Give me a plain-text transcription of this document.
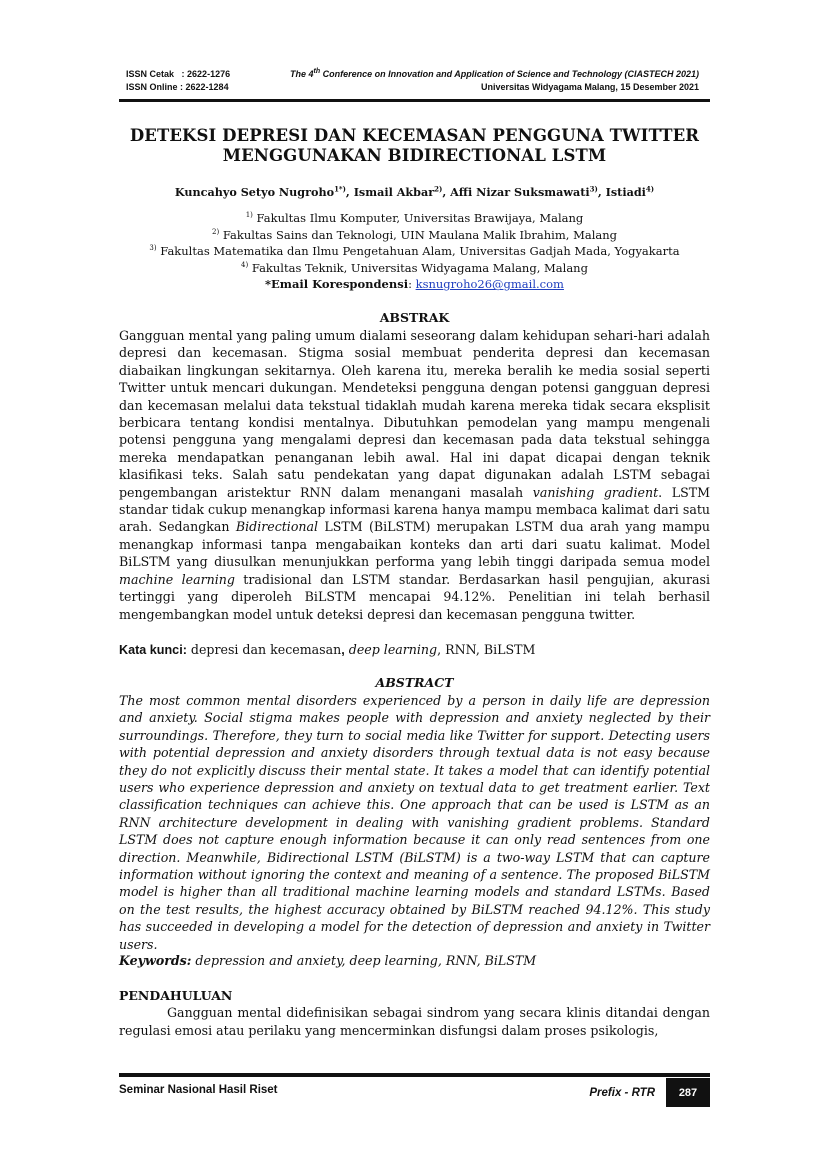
ISSN Cetak : 2622-1276
ISSN Online : 2622-1284
The 4th Conference on Innovation and Application of Science and Technology (CIASTECH 2021)
Universitas Widyagama Malang, 15 Desember 2021
DETEKSI DEPRESI DAN KECEMASAN PENGGUNA TWITTER
MENGGUNAKAN BIDIRECTIONAL LSTM
Kuncahyo Setyo Nugroho$^{1*)}$, Ismail Akbar$^{2)}$, Affi Nizar Suksmawati$^{3)}$, Istiadi$^{4)}$
$^{1)}$ Fakultas Ilmu Komputer, Universitas Brawijaya, Malang
$^{2)}$ Fakultas Sains dan Teknologi, UIN Maulana Malik Ibrahim, Malang
$^{3)}$ Fakultas Matematika dan Ilmu Pengetahuan Alam, Universitas Gadjah Mada, Yogyakarta
$^{4)}$ Fakultas Teknik, Universitas Widyagama Malang, Malang
*Email Korespondensi: ksnugroho26@gmail.com
ABSTRAK
Gangguan mental yang paling umum dialami seseorang dalam kehidupan sehari-hari adalah depresi dan kecemasan. Stigma sosial membuat penderita depresi dan kecemasan diabaikan lingkungan sekitarnya. Oleh karena itu, mereka beralih ke media sosial seperti Twitter untuk mencari dukungan. Mendeteksi pengguna dengan potensi gangguan depresi dan kecemasan melalui data tekstual tidaklah mudah karena mereka tidak secara eksplisit berbicara tentang kondisi mentalnya. Dibutuhkan pemodelan yang mampu mengenali potensi pengguna yang mengalami depresi dan kecemasan pada data tekstual sehingga mereka mendapatkan penanganan lebih awal. Hal ini dapat dicapai dengan teknik klasifikasi teks. Salah satu pendekatan yang dapat digunakan adalah LSTM sebagai pengembangan aristektur RNN dalam menangani masalah vanishing gradient. LSTM standar tidak cukup menangkap informasi karena hanya mampu membaca kalimat dari satu arah. Sedangkan Bidirectional LSTM (BiLSTM) merupakan LSTM dua arah yang mampu menangkap informasi tanpa mengabaikan konteks dan arti dari suatu kalimat. Model BiLSTM yang diusulkan menunjukkan performa yang lebih tinggi daripada semua model machine learning tradisional dan LSTM standar. Berdasarkan hasil pengujian, akurasi tertinggi yang diperoleh BiLSTM mencapai 94.12%. Penelitian ini telah berhasil mengembangkan model untuk deteksi depresi dan kecemasan pengguna twitter.
Kata kunci: depresi dan kecemasan, deep learning, RNN, BiLSTM
ABSTRACT
The most common mental disorders experienced by a person in daily life are depression and anxiety. Social stigma makes people with depression and anxiety neglected by their surroundings. Therefore, they turn to social media like Twitter for support. Detecting users with potential depression and anxiety disorders through textual data is not easy because they do not explicitly discuss their mental state. It takes a model that can identify potential users who experience depression and anxiety on textual data to get treatment earlier. Text classification techniques can achieve this. One approach that can be used is LSTM as an RNN architecture development in dealing with vanishing gradient problems. Standard LSTM does not capture enough information because it can only read sentences from one direction. Meanwhile, Bidirectional LSTM (BiLSTM) is a two-way LSTM that can capture information without ignoring the context and meaning of a sentence. The proposed BiLSTM model is higher than all traditional machine learning models and standard LSTMs. Based on the test results, the highest accuracy obtained by BiLSTM reached 94.12%. This study has succeeded in developing a model for the detection of depression and anxiety in Twitter users.
Keywords: depression and anxiety, deep learning, RNN, BiLSTM
PENDAHULUAN
Gangguan mental didefinisikan sebagai sindrom yang secara klinis ditandai dengan regulasi emosi atau perilaku yang mencerminkan disfungsi dalam proses psikologis,
Seminar Nasional Hasil Riset	Prefix - RTR	287
